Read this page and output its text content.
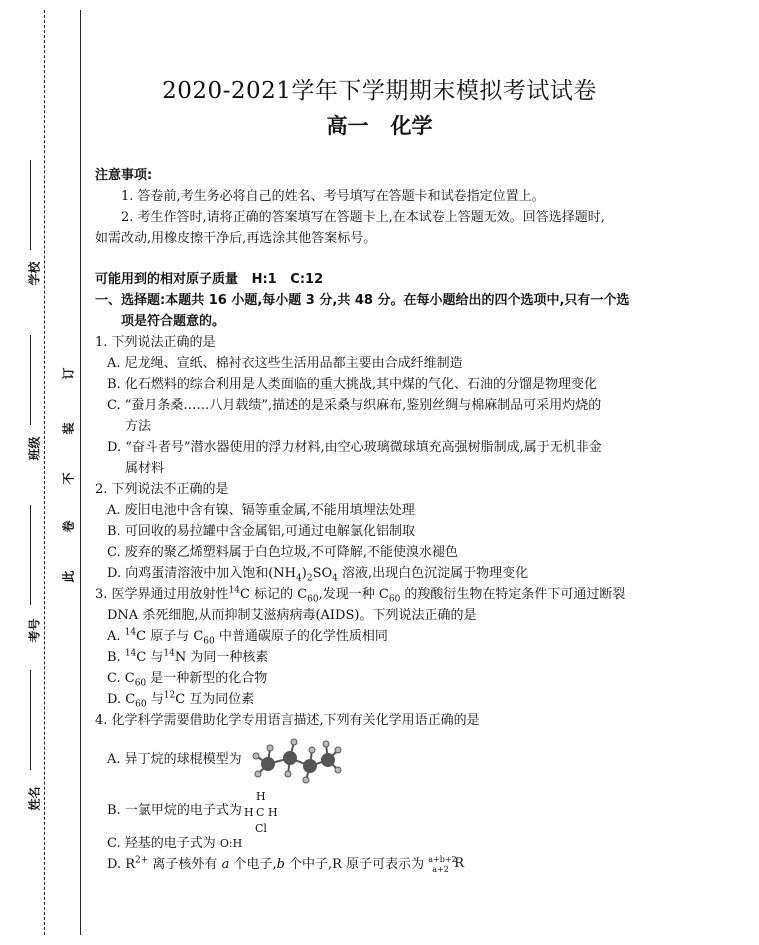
学校
班级
考号
姓名
订
装
不
卷
此
2020-2021学年下学期期末模拟考试试卷
高一   化学
注意事项:
1. 答卷前,考生务必将自己的姓名、考号填写在答题卡和试卷指定位置上。
2. 考生作答时,请将正确的答案填写在答题卡上,在本试卷上答题无效。回答选择题时,
如需改动,用橡皮擦干净后,再选涂其他答案标号。
可能用到的相对原子质量   H:1   C:12
一、选择题:本题共 16 小题,每小题 3 分,共 48 分。在每小题给出的四个选项中,只有一个选
项是符合题意的。
1. 下列说法正确的是
A. 尼龙绳、宣纸、棉衬衣这些生活用品都主要由合成纤维制造
B. 化石燃料的综合利用是人类面临的重大挑战,其中煤的气化、石油的分馏是物理变化
C. “蚕月条桑……八月载绩”,描述的是采桑与织麻布,鉴别丝绸与棉麻制品可采用灼烧的
方法
D. “奋斗者号”潜水器使用的浮力材料,由空心玻璃微球填充高强树脂制成,属于无机非金
属材料
2. 下列说法不正确的是
A. 废旧电池中含有镍、镉等重金属,不能用填埋法处理
B. 可回收的易拉罐中含金属铝,可通过电解氯化铝制取
C. 废弃的聚乙烯塑料属于白色垃圾,不可降解,不能使溴水褪色
D. 向鸡蛋清溶液中加入饱和$(NH_4)_2SO_4$ 溶液,出现白色沉淀属于物理变化
3. 医学界通过用放射性$^{14}$C 标记的 $C_{60}$,发现一种 $C_{60}$ 的羧酸衍生物在特定条件下可通过断裂
DNA 杀死细胞,从而抑制艾滋病病毒(AIDS)。下列说法正确的是
A. $^{14}$C 原子与 $C_{60}$ 中普通碳原子的化学性质相同
B. $^{14}$C 与$^{14}$N 为同一种核素
C. $C_{60}$ 是一种新型的化合物
D. $C_{60}$ 与$^{12}$C 互为同位素
4. 化学科学需要借助化学专用语言描述,下列有关化学用语正确的是
A. 异丁烷的球棍模型为
B. 一氯甲烷的电子式为
H
H C H
Cl
C. 羟基的电子式为 O:H
D. $R^{2+}$ 离子核外有 a 个电子,b 个中子,R 原子可表示为 a+b+2
a+2 R
